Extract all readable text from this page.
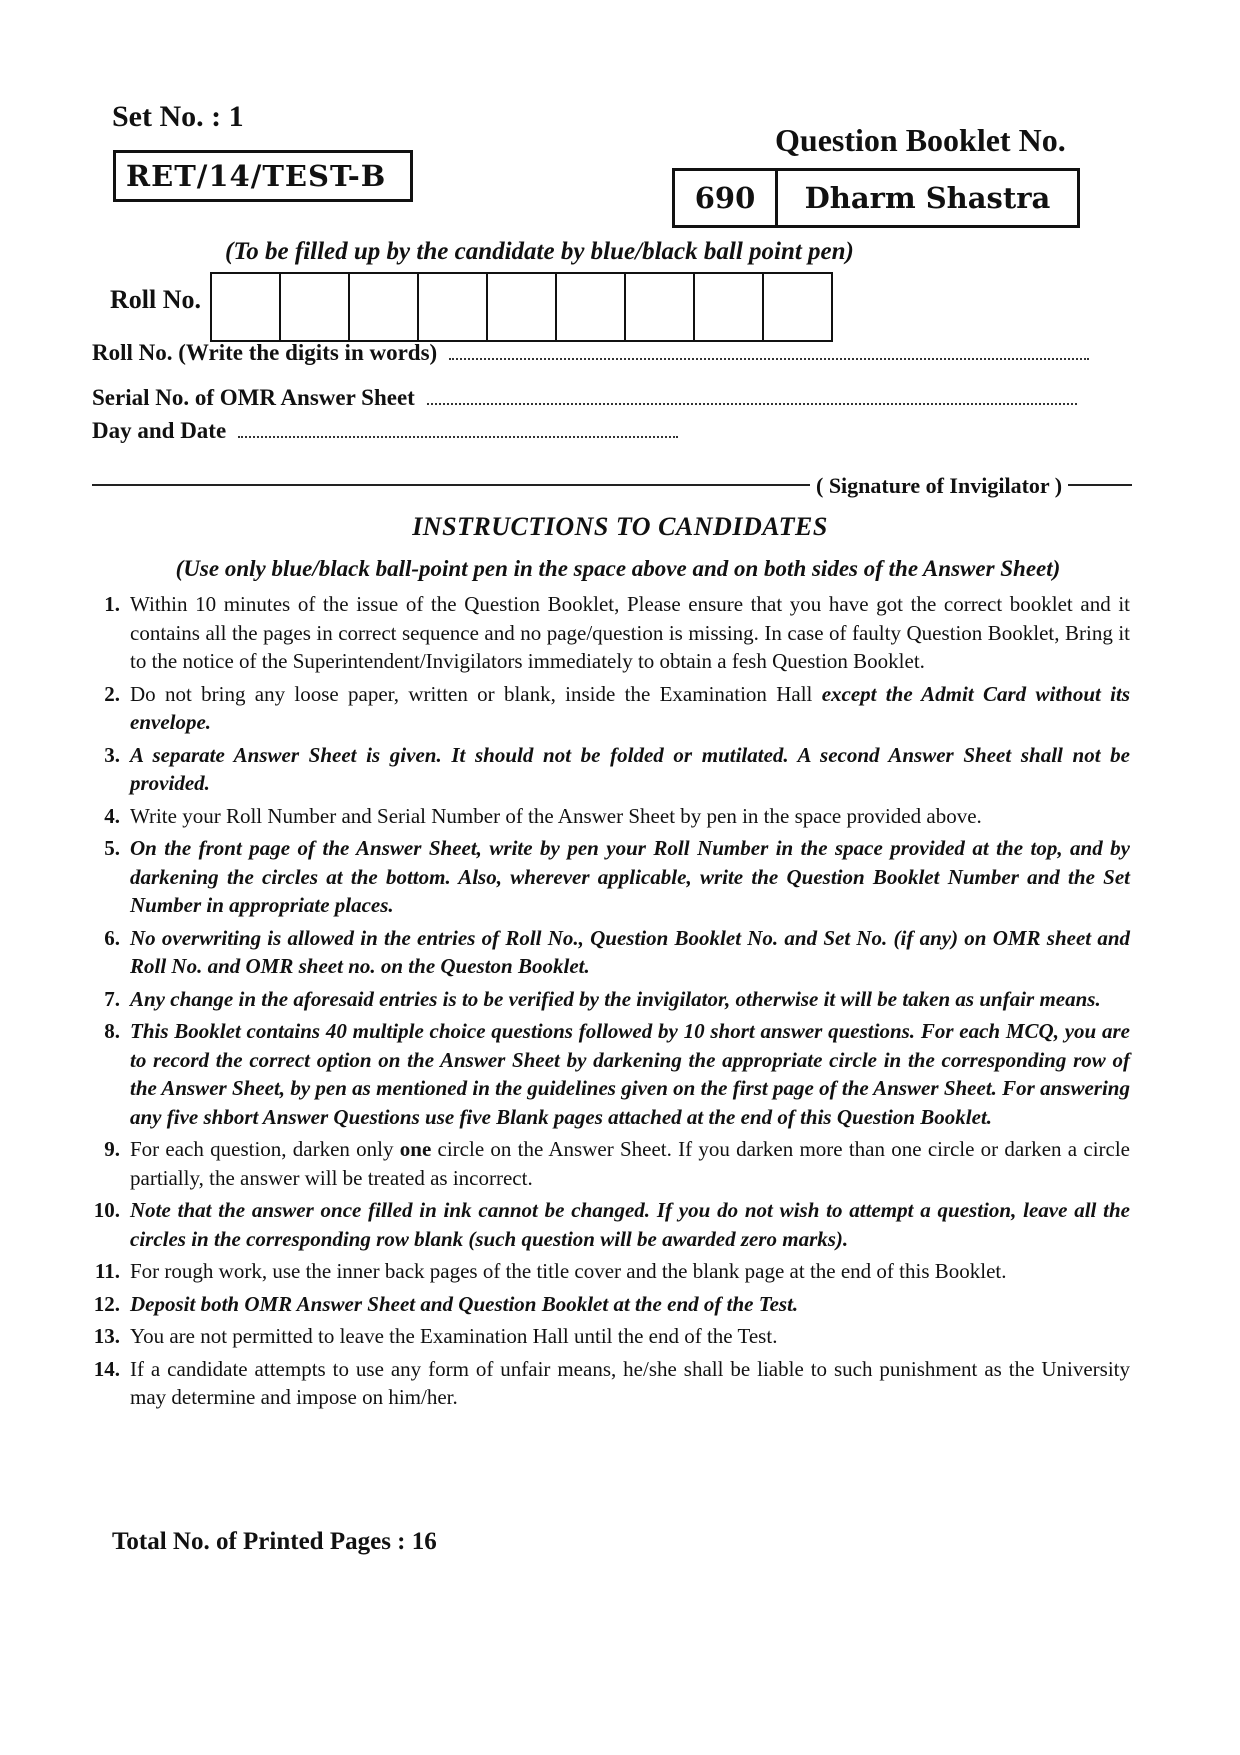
Set No. : 1
RET/14/TEST-B
Question Booklet No.
690	Dharm Shastra
(To be filled up by the candidate by blue/black ball point pen)
Roll No.
Roll No. (Write the digits in words)
Serial No. of OMR Answer Sheet
Day and Date
( Signature of Invigilator )
INSTRUCTIONS TO CANDIDATES
(Use only blue/black ball-point pen in the space above and on both sides of the Answer Sheet)
1. Within 10 minutes of the issue of the Question Booklet, Please ensure that you have got the correct booklet and it contains all the pages in correct sequence and no page/question is missing. In case of faulty Question Booklet, Bring it to the notice of the Superintendent/Invigilators immediately to obtain a fesh Question Booklet.
2. Do not bring any loose paper, written or blank, inside the Examination Hall except the Admit Card without its envelope.
3. A separate Answer Sheet is given. It should not be folded or mutilated. A second Answer Sheet shall not be provided.
4. Write your Roll Number and Serial Number of the Answer Sheet by pen in the space provided above.
5. On the front page of the Answer Sheet, write by pen your Roll Number in the space provided at the top, and by darkening the circles at the bottom. Also, wherever applicable, write the Question Booklet Number and the Set Number in appropriate places.
6. No overwriting is allowed in the entries of Roll No., Question Booklet No. and Set No. (if any) on OMR sheet and Roll No. and OMR sheet no. on the Queston Booklet.
7. Any change in the aforesaid entries is to be verified by the invigilator, otherwise it will be taken as unfair means.
8. This Booklet contains 40 multiple choice questions followed by 10 short answer questions. For each MCQ, you are to record the correct option on the Answer Sheet by darkening the appropriate circle in the corresponding row of the Answer Sheet, by pen as mentioned in the guidelines given on the first page of the Answer Sheet. For answering any five shbort Answer Questions use five Blank pages attached at the end of this Question Booklet.
9. For each question, darken only one circle on the Answer Sheet. If you darken more than one circle or darken a circle partially, the answer will be treated as incorrect.
10. Note that the answer once filled in ink cannot be changed. If you do not wish to attempt a question, leave all the circles in the corresponding row blank (such question will be awarded zero marks).
11. For rough work, use the inner back pages of the title cover and the blank page at the end of this Booklet.
12. Deposit both OMR Answer Sheet and Question Booklet at the end of the Test.
13. You are not permitted to leave the Examination Hall until the end of the Test.
14. If a candidate attempts to use any form of unfair means, he/she shall be liable to such punishment as the University may determine and impose on him/her.
Total No. of Printed Pages : 16
